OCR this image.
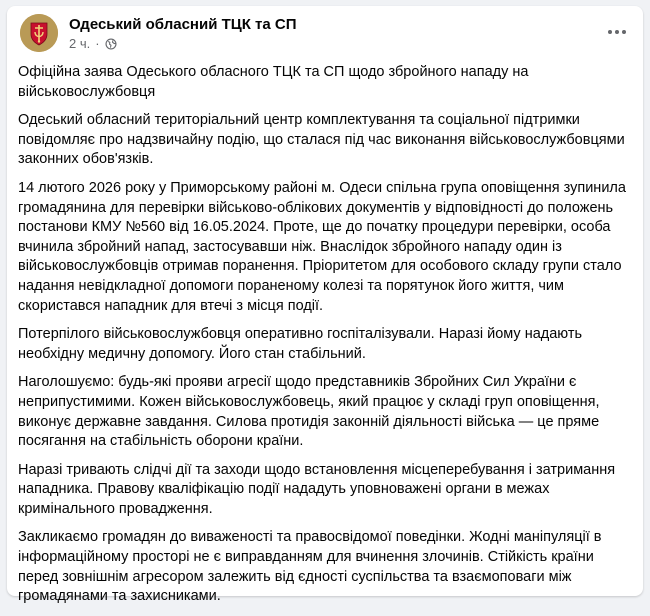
Одеський обласний ТЦК та СП
2 ч. ·

Офіційна заява Одеського обласного ТЦК та СП щодо збройного нападу на військовослужбовця

Одеський обласний територіальний центр комплектування та соціальної підтримки повідомляє про надзвичайну подію, що сталася під час виконання військовослужбовцями законних обов'язків.

14 лютого 2026 року у Приморському районі м. Одеси спільна група оповіщення зупинила громадянина для перевірки військово-облікових документів у відповідності до положень постанови КМУ №560 від 16.05.2024. Проте, ще до початку процедури перевірки, особа вчинила збройний напад, застосувавши ніж. Внаслідок збройного нападу один із військовослужбовців отримав поранення. Пріоритетом для особового складу групи стало надання невідкладної допомоги пораненому колезі та порятунок його життя, чим скористався нападник для втечі з місця події.

Потерпілого військовослужбовця оперативно госпіталізували. Наразі йому надають необхідну медичну допомогу. Його стан стабільний.

Наголошуємо: будь-які прояви агресії щодо представників Збройних Сил України є неприпустимими. Кожен військовослужбовець, який працює у складі груп оповіщення, виконує державне завдання. Силова протидія законній діяльності війська — це пряме посягання на стабільність оборони країни.

Наразі тривають слідчі дії та заходи щодо встановлення місцеперебування і затримання нападника. Правову кваліфікацію події нададуть уповноважені органи в межах кримінального провадження.

Закликаємо громадян до виваженості та правосвідомої поведінки. Жодні маніпуляції в інформаційному просторі не є виправданням для вчинення злочинів. Стійкість країни перед зовнішнім агресором залежить від єдності суспільства та взаємоповаги між громадянами та захисниками.
